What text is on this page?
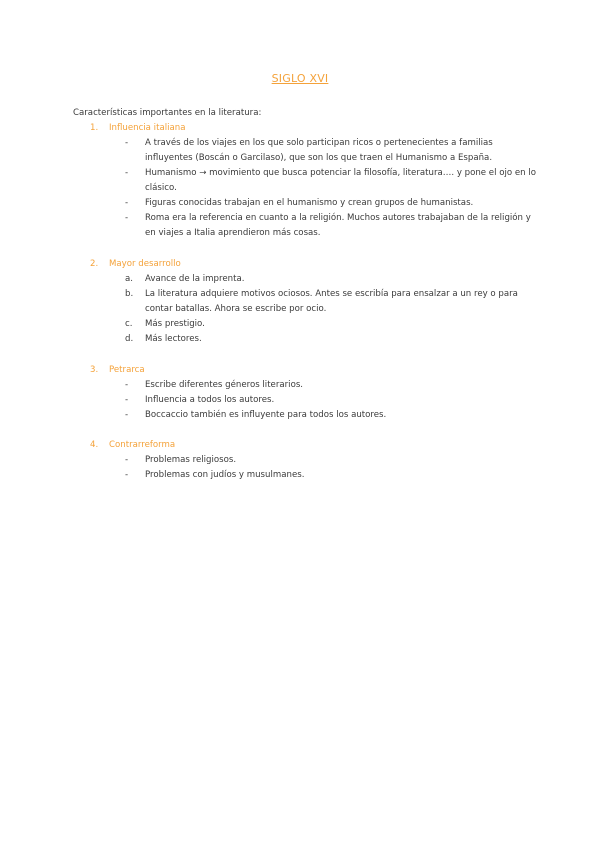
SIGLO XVI
Características importantes en la literatura:
1. Influencia italiana
-	A través de los viajes en los que solo participan ricos o pertenecientes a familias influyentes (Boscán o Garcilaso), que son los que traen el Humanismo a España.
-	Humanismo → movimiento que busca potenciar la filosofía, literatura…. y pone el ojo en lo clásico.
-	Figuras conocidas trabajan en el humanismo y crean grupos de humanistas.
-	Roma era la referencia en cuanto a la religión. Muchos autores trabajaban de la religión y en viajes a Italia aprendieron más cosas.
2. Mayor desarrollo
a.	Avance de la imprenta.
b.	La literatura adquiere motivos ociosos. Antes se escribía para ensalzar a un rey o para contar batallas. Ahora se escribe por ocio.
c.	Más prestigio.
d.	Más lectores.
3. Petrarca
-	Escribe diferentes géneros literarios.
-	Influencia a todos los autores.
-	Boccaccio también es influyente para todos los autores.
4. Contrarreforma
-	Problemas religiosos.
-	Problemas con judíos y musulmanes.
